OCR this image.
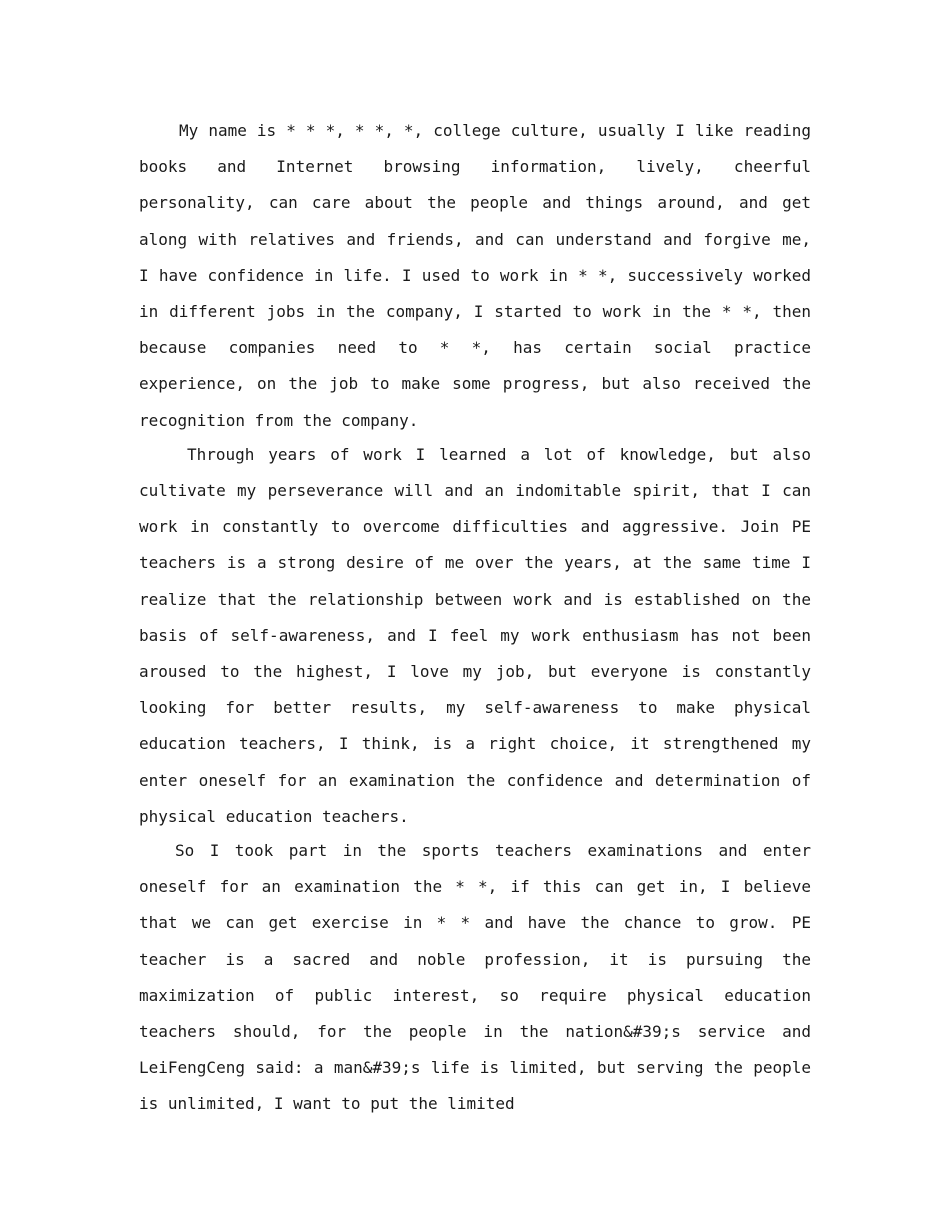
My name is * * *, * *, *, college culture, usually I like reading books and Internet browsing information, lively, cheerful personality, can care about the people and things around, and get along with relatives and friends, and can understand and forgive me, I have confidence in life. I used to work in * *, successively worked in different jobs in the company, I started to work in the * *, then because companies need to * *, has certain social practice experience, on the job to make some progress, but also received the recognition from the company.

Through years of work I learned a lot of knowledge, but also cultivate my perseverance will and an indomitable spirit, that I can work in constantly to overcome difficulties and aggressive. Join PE teachers is a strong desire of me over the years, at the same time I realize that the relationship between work and is established on the basis of self-awareness, and I feel my work enthusiasm has not been aroused to the highest, I love my job, but everyone is constantly looking for better results, my self-awareness to make physical education teachers, I think, is a right choice, it strengthened my enter oneself for an examination the confidence and determination of physical education teachers.

So I took part in the sports teachers examinations and enter oneself for an examination the * *, if this can get in, I believe that we can get exercise in * * and have the chance to grow. PE teacher is a sacred and noble profession, it is pursuing the maximization of public interest, so require physical education teachers should, for the people in the nation&#39;s service and LeiFengCeng said: a man&#39;s life is limited, but serving the people is unlimited, I want to put the limited
